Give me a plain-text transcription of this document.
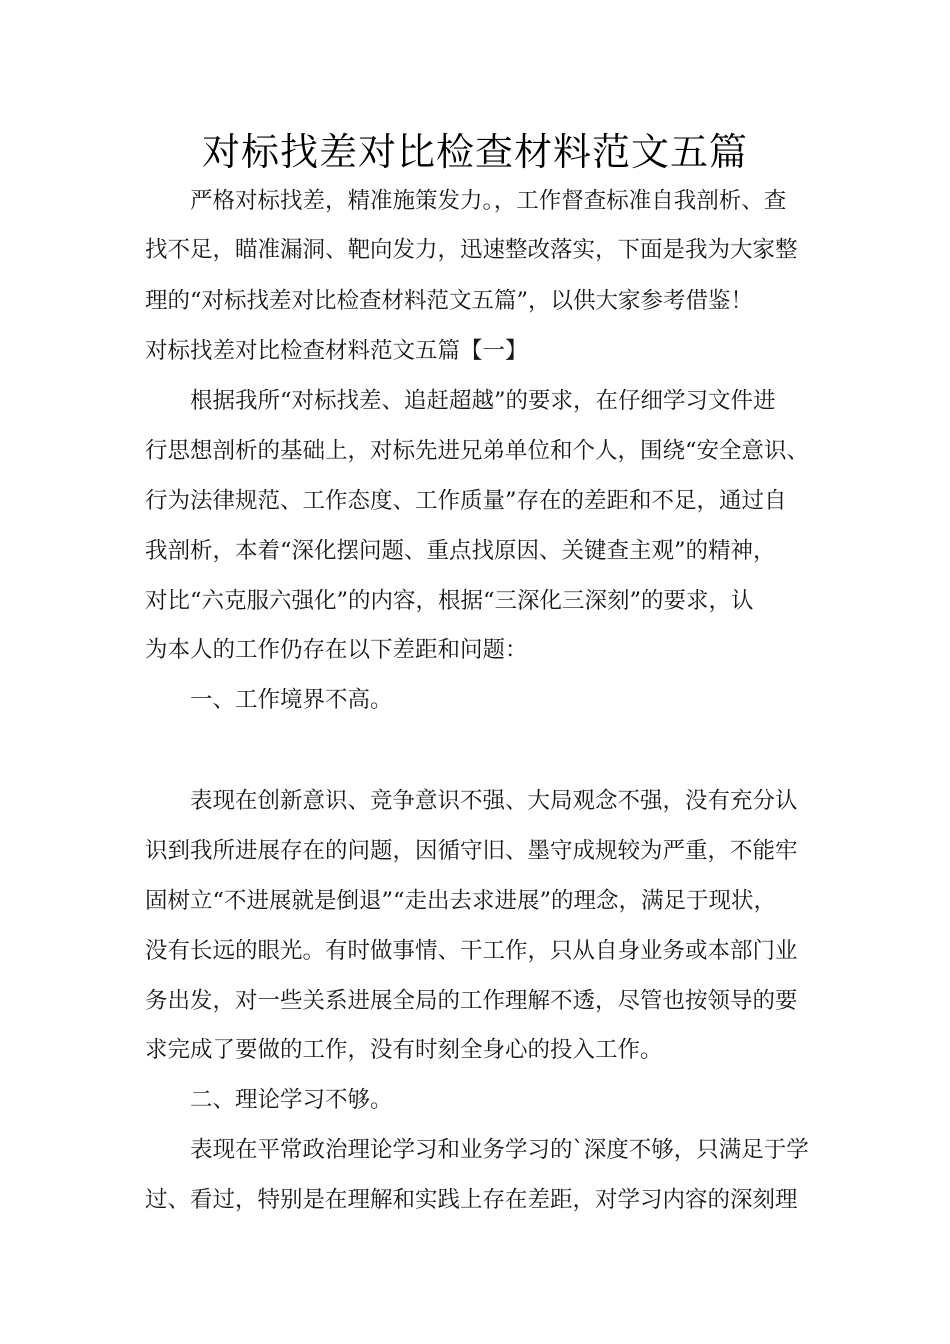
对标找差对比检查材料范文五篇
严格对标找差，精准施策发力。，工作督查标准自我剖析、查
找不足，瞄准漏洞、靶向发力，迅速整改落实，下面是我为大家整
理的“对标找差对比检查材料范文五篇”，以供大家参考借鉴！
对标找差对比检查材料范文五篇【一】
根据我所“对标找差、追赶超越”的要求，在仔细学习文件进
行思想剖析的基础上，对标先进兄弟单位和个人，围绕“安全意识、
行为法律规范、工作态度、工作质量”存在的差距和不足，通过自
我剖析，本着“深化摆问题、重点找原因、关键查主观”的精神，
对比“六克服六强化”的内容，根据“三深化三深刻”的要求，认
为本人的工作仍存在以下差距和问题：
一、工作境界不高。
表现在创新意识、竞争意识不强、大局观念不强，没有充分认
识到我所进展存在的问题，因循守旧、墨守成规较为严重，不能牢
固树立“不进展就是倒退”“走出去求进展”的理念，满足于现状，
没有长远的眼光。有时做事情、干工作，只从自身业务或本部门业
务出发，对一些关系进展全局的工作理解不透，尽管也按领导的要
求完成了要做的工作，没有时刻全身心的投入工作。
二、理论学习不够。
表现在平常政治理论学习和业务学习的`深度不够，只满足于学
过、看过，特别是在理解和实践上存在差距，对学习内容的深刻理
